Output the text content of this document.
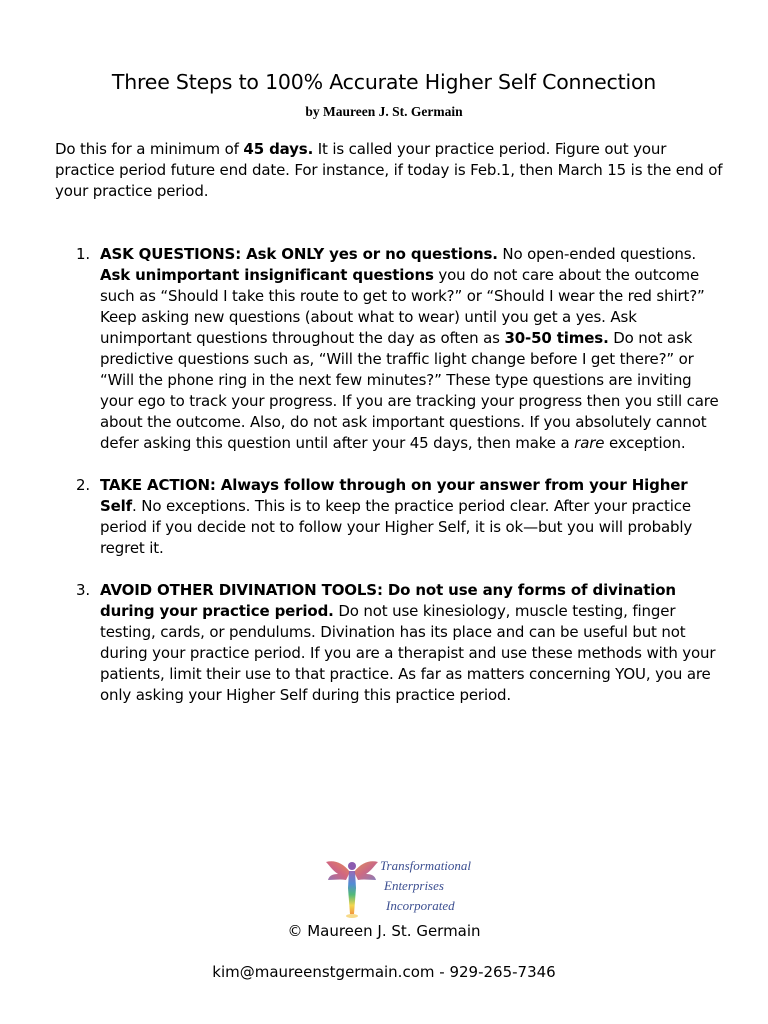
Three Steps to 100% Accurate Higher Self Connection
by Maureen J. St. Germain
Do this for a minimum of 45 days. It is called your practice period. Figure out your practice period future end date. For instance, if today is Feb.1, then March 15 is the end of your practice period.
1. ASK QUESTIONS: Ask ONLY yes or no questions. No open-ended questions. Ask unimportant insignificant questions you do not care about the outcome such as “Should I take this route to get to work?” or “Should I wear the red shirt?” Keep asking new questions (about what to wear) until you get a yes. Ask unimportant questions throughout the day as often as 30-50 times. Do not ask predictive questions such as, “Will the traffic light change before I get there?” or “Will the phone ring in the next few minutes?” These type questions are inviting your ego to track your progress. If you are tracking your progress then you still care about the outcome. Also, do not ask important questions. If you absolutely cannot defer asking this question until after your 45 days, then make a rare exception.
2. TAKE ACTION: Always follow through on your answer from your Higher Self. No exceptions. This is to keep the practice period clear. After your practice period if you decide not to follow your Higher Self, it is ok—but you will probably regret it.
3. AVOID OTHER DIVINATION TOOLS: Do not use any forms of divination during your practice period. Do not use kinesiology, muscle testing, finger testing, cards, or pendulums. Divination has its place and can be useful but not during your practice period. If you are a therapist and use these methods with your patients, limit their use to that practice. As far as matters concerning YOU, you are only asking your Higher Self during this practice period.
Transformational
Enterprises
Incorporated
© Maureen J. St. Germain
kim@maureenstgermain.com - 929-265-7346
